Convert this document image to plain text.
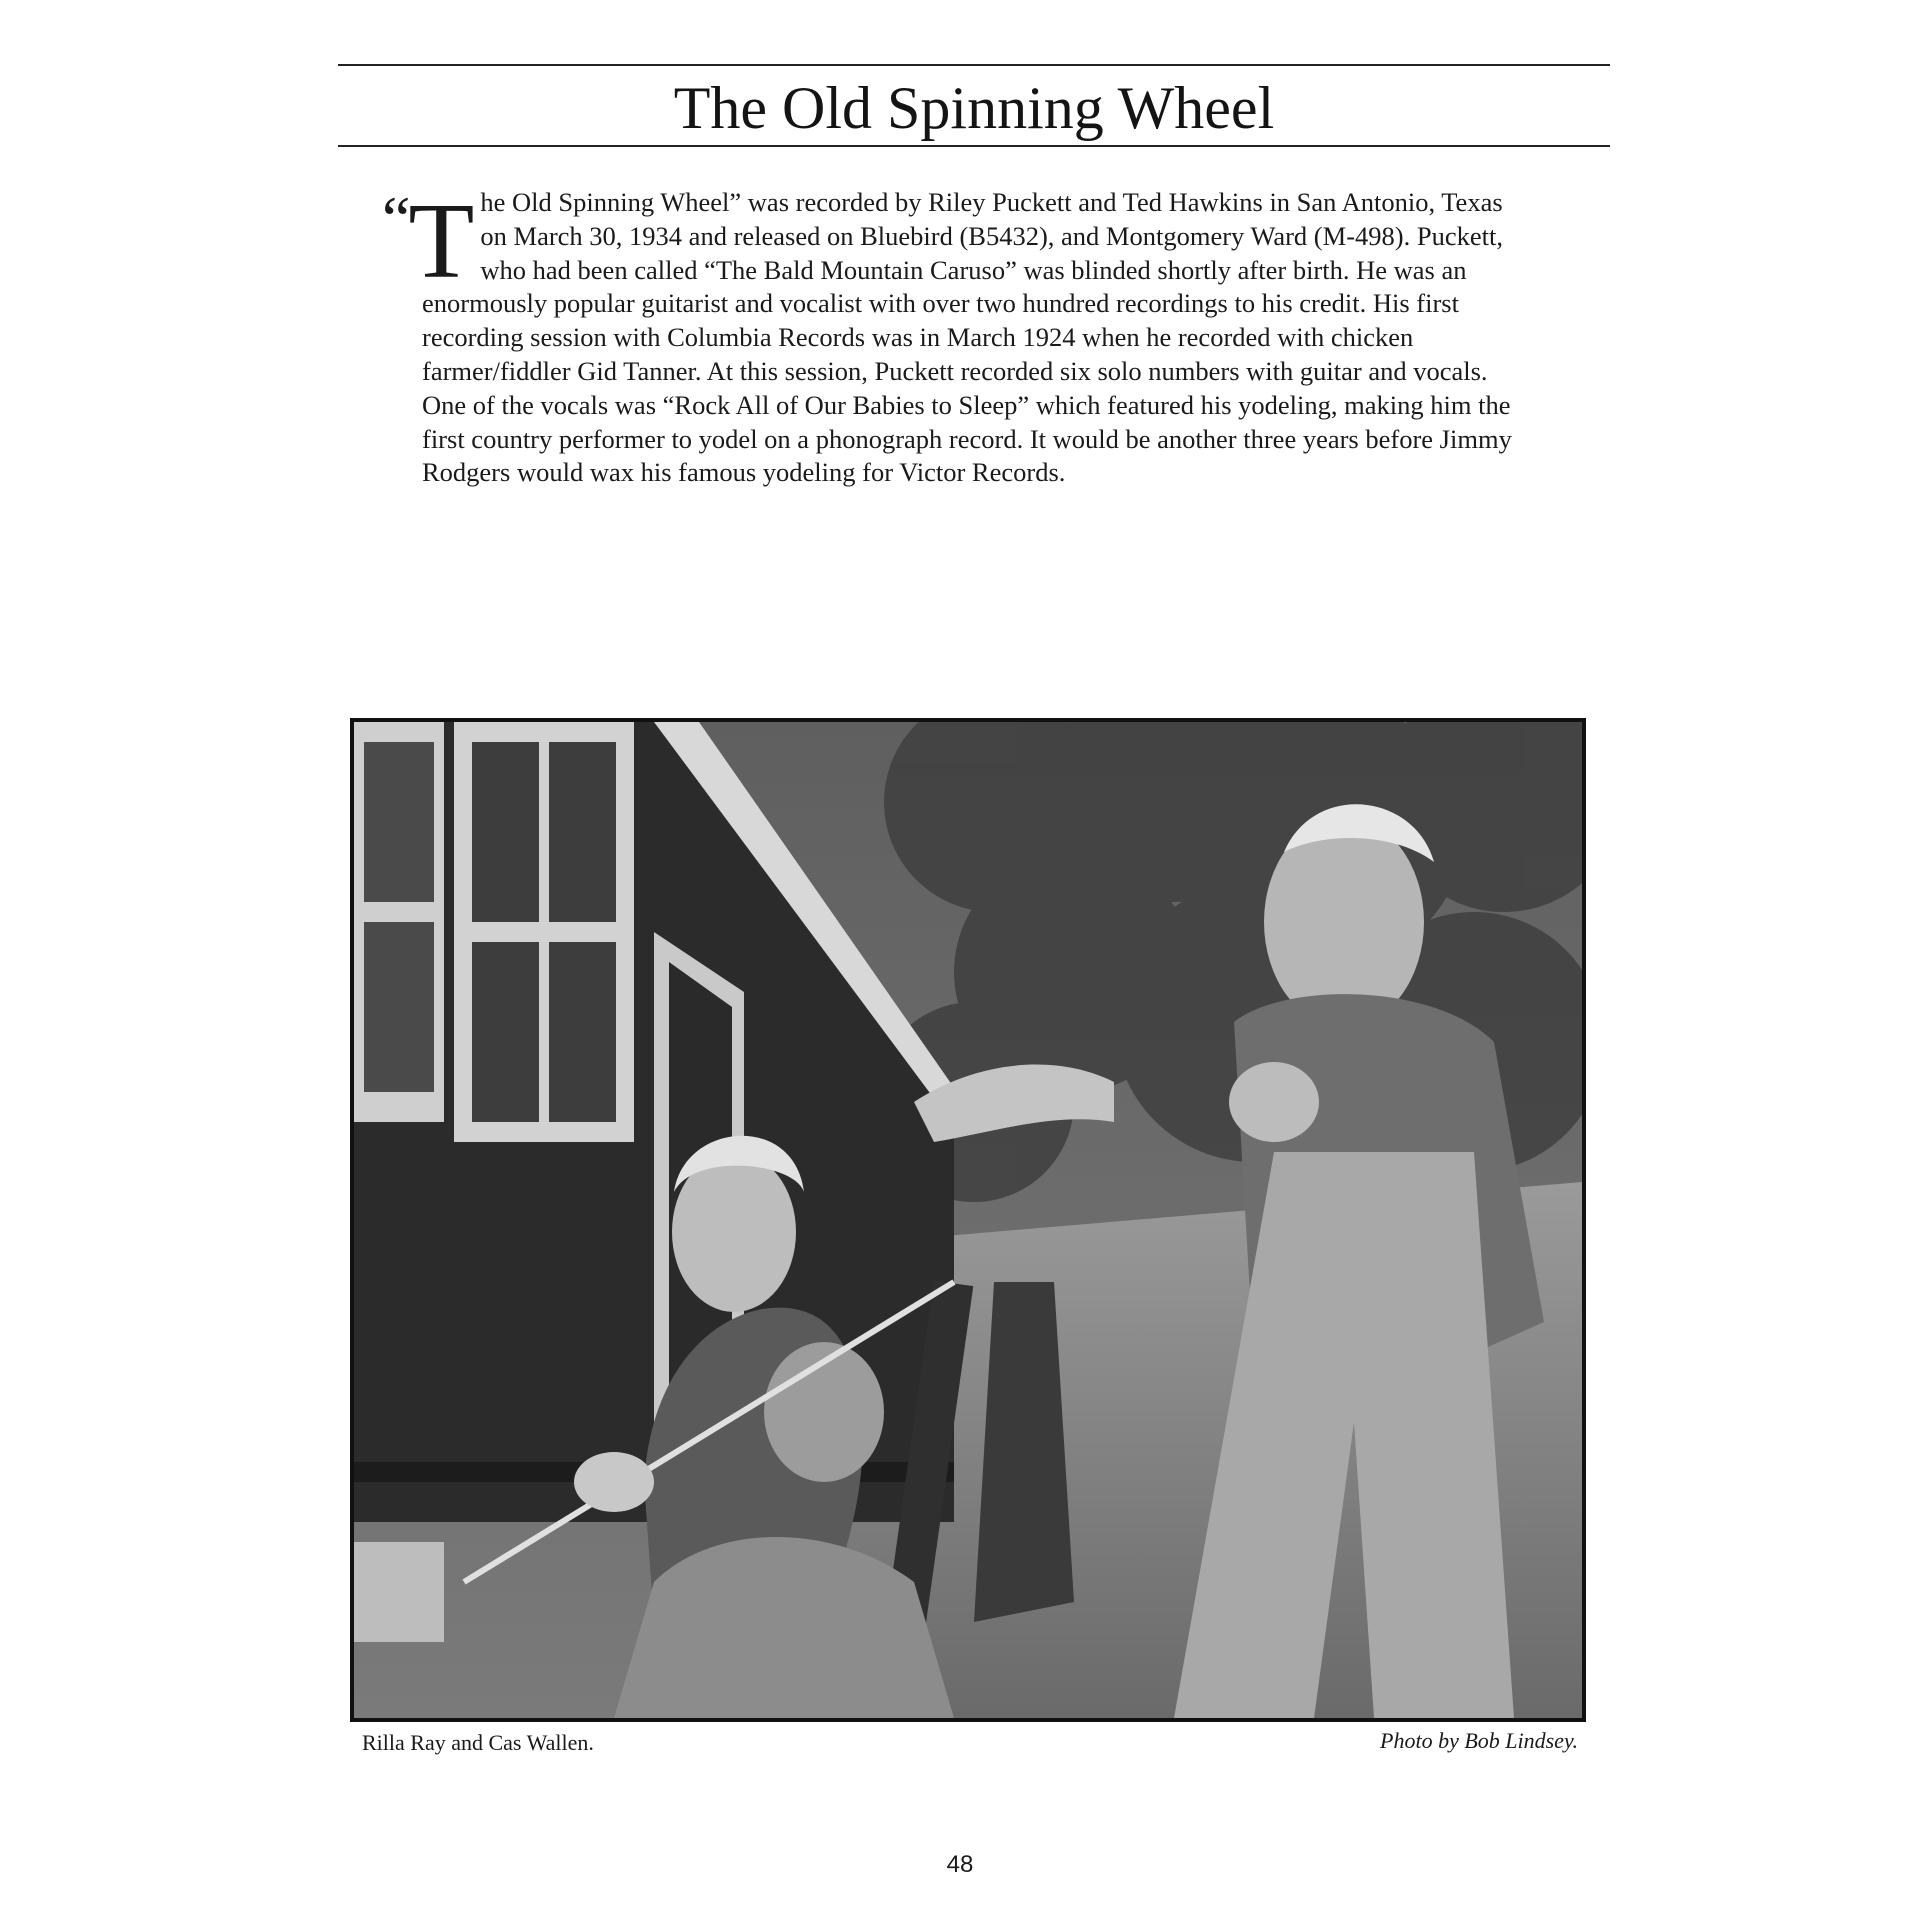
The Old Spinning Wheel
“T he Old Spinning Wheel” was recorded by Riley Puckett and Ted Hawkins in San Antonio, Texas on March 30, 1934 and released on Bluebird (B5432), and Montgomery Ward (M-498). Puckett, who had been called “The Bald Mountain Caruso” was blinded shortly after birth. He was an enormously popular guitarist and vocalist with over two hundred recordings to his credit. His first recording session with Columbia Records was in March 1924 when he recorded with chicken farmer/fiddler Gid Tanner. At this session, Puckett recorded six solo numbers with guitar and vocals. One of the vocals was “Rock All of Our Babies to Sleep” which featured his yodeling, making him the first country performer to yodel on a phonograph record. It would be another three years before Jimmy Rodgers would wax his famous yodeling for Victor Records.
Rilla Ray and Cas Wallen.	Photo by Bob Lindsey.
48
